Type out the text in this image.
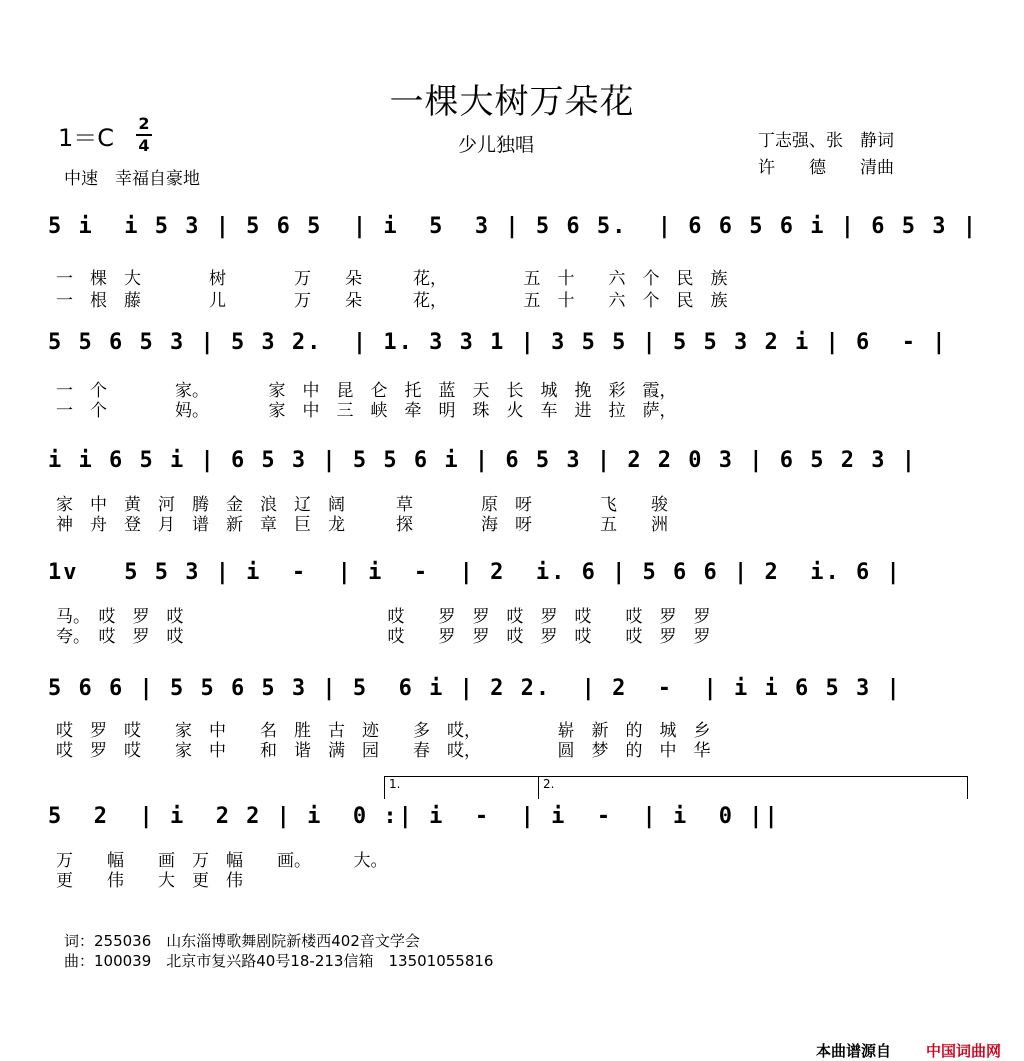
一棵大树万朵花
1＝C
2
4	少儿独唱
中速　幸福自豪地
丁志强、张　静词
许　　德　　清曲
5 i  i 5 3 | 5 6 5  | i  5  3 | 5 6 5.  | 6 6 5 6 i | 6 5 3 |
一　棵　大　　　　树　　　　万　　朵　　　花，　　　　　五　十　　六　个　民　族
一　根　藤　　　　儿　　　　万　　朵　　　花，　　　　　五　十　　六　个　民　族
5 5 6 5 3 | 5 3 2.  | 1. 3 3 1 | 3 5 5 | 5 5 3 2 i | 6  - |
一　个　　　　家。　　　　家　中　昆　仑　托　蓝　天　长　城　挽　彩　霞，
一　个　　　　妈。　　　　家　中　三　峡　牵　明　珠　火　车　进　拉　萨，
i i 6 5 i | 6 5 3 | 5 5 6 i | 6 5 3 | 2 2 0 3 | 6 5 2 3 |
家　中　黄　河　腾　金　浪　辽　阔　　　草　　　　原　呀　　　　飞　　骏
神　舟　登　月　谱　新　章　巨　龙　　　探　　　　海　呀　　　　五　　洲
1v   5 5 3 | i  -  | i  -  | 2  i. 6 | 5 6 6 | 2  i. 6 |
马。　哎　罗　哎　　　　　　　　　　　　哎　　罗　罗　哎　罗　哎　　哎　罗　罗
夸。　哎　罗　哎　　　　　　　　　　　　哎　　罗　罗　哎　罗　哎　　哎　罗　罗
5 6 6 | 5 5 6 5 3 | 5  6 i | 2 2.  | 2  -  | i i 6 5 3 |
哎　罗　哎　　家　中　　名　胜　古　迹　　多　哎，　　　　　崭　新　的　城　乡
哎　罗　哎　　家　中　　和　谐　满　园　　春　哎，　　　　　圆　梦　的　中　华
1.	2.
5  2  | i  2 2 | i  0 :| i  -  | i  -  | i  0 ||
万　　幅　　画　万　幅　　画。　　　大。
更　　伟　　大　更　伟
词：255036　山东淄博歌舞剧院新楼西402音文学会
曲：100039　北京市复兴路40号18-213信箱　13501055816
本曲谱源自 中国词曲网
